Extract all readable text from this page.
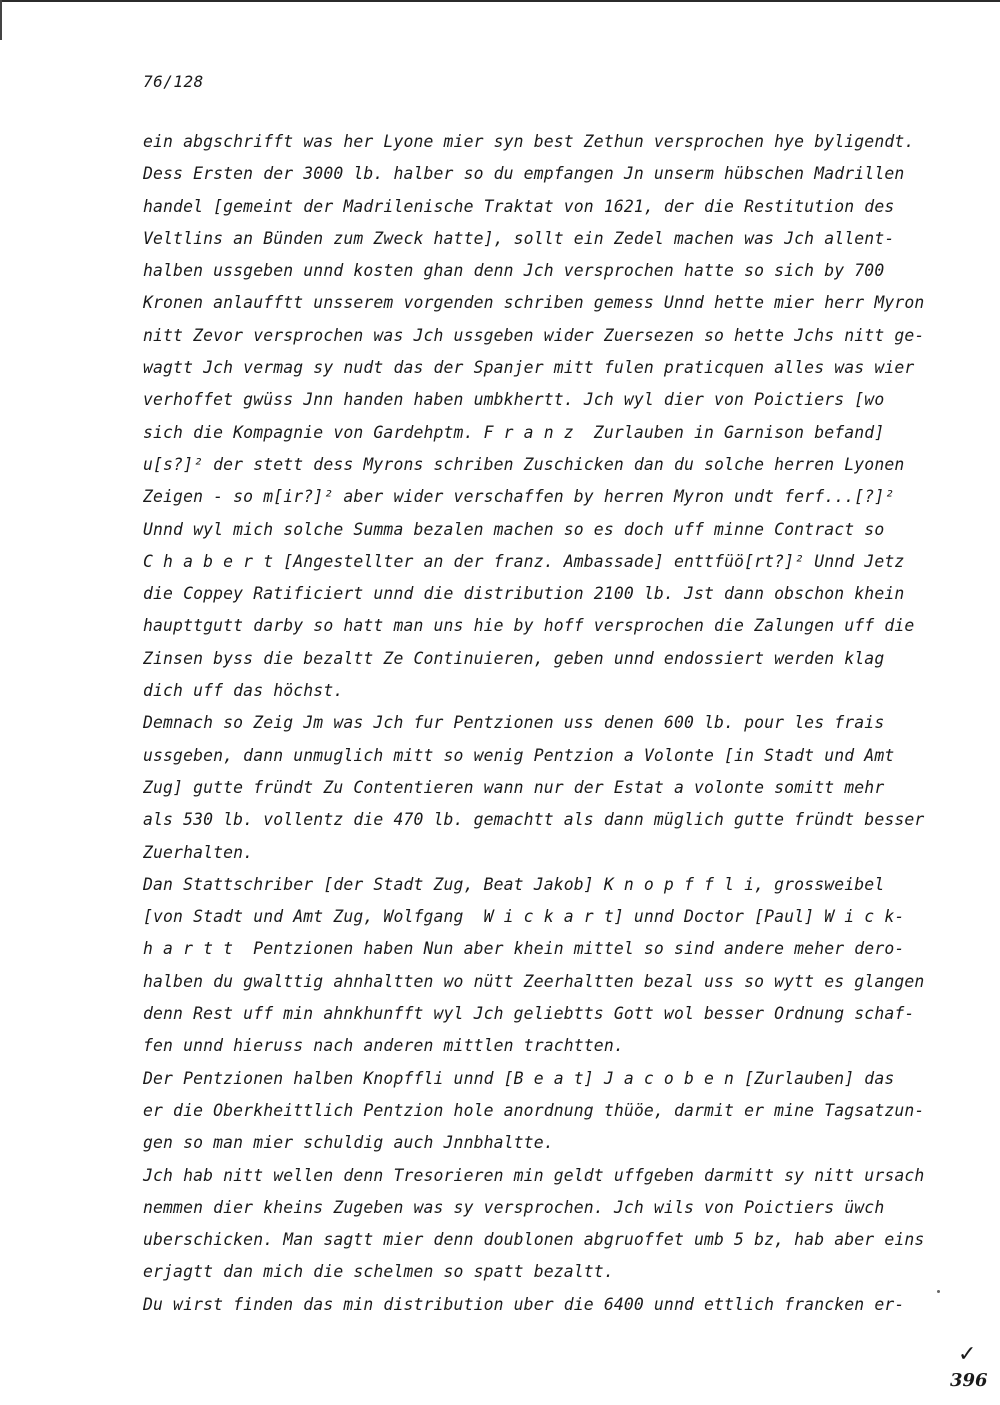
76/128
ein abgschrifft was her Lyone mier syn best Zethun versprochen hye byligendt.
Dess Ersten der 3000 lb. halber so du empfangen Jn unserm hübschen Madrillen
handel [gemeint der Madrilenische Traktat von 1621, der die Restitution des
Veltlins an Bünden zum Zweck hatte], sollt ein Zedel machen was Jch allent-
halben ussgeben unnd kosten ghan denn Jch versprochen hatte so sich by 700
Kronen anlaufftt unsserem vorgenden schriben gemess Unnd hette mier herr Myron
nitt Zevor versprochen was Jch ussgeben wider Zuersezen so hette Jchs nitt ge-
wagtt Jch vermag sy nudt das der Spanjer mitt fulen praticquen alles was wier
verhoffet gwüss Jnn handen haben umbkhertt. Jch wyl dier von Poictiers [wo
sich die Kompagnie von Gardehptm. F r a n z  Zurlauben in Garnison befand]
u[s?]² der stett dess Myrons schriben Zuschicken dan du solche herren Lyonen
Zeigen - so m[ir?]² aber wider verschaffen by herren Myron undt ferf...[?]²
Unnd wyl mich solche Summa bezalen machen so es doch uff minne Contract so
C h a b e r t [Angestellter an der franz. Ambassade] enttfüö[rt?]² Unnd Jetz
die Coppey Ratificiert unnd die distribution 2100 lb. Jst dann obschon khein
haupttgutt darby so hatt man uns hie by hoff versprochen die Zalungen uff die
Zinsen byss die bezaltt Ze Continuieren, geben unnd endossiert werden klag
dich uff das höchst.
Demnach so Zeig Jm was Jch fur Pentzionen uss denen 600 lb. pour les frais
ussgeben, dann unmuglich mitt so wenig Pentzion a Volonte [in Stadt und Amt
Zug] gutte fründt Zu Contentieren wann nur der Estat a volonte somitt mehr
als 530 lb. vollentz die 470 lb. gemachtt als dann müglich gutte fründt besser
Zuerhalten.
Dan Stattschriber [der Stadt Zug, Beat Jakob] K n o p f f l i, grossweibel
[von Stadt und Amt Zug, Wolfgang  W i c k a r t] unnd Doctor [Paul] W i c k-
h a r t t  Pentzionen haben Nun aber khein mittel so sind andere meher dero-
halben du gwalttig ahnhaltten wo nütt Zeerhaltten bezal uss so wytt es glangen
denn Rest uff min ahnkhunfft wyl Jch geliebtts Gott wol besser Ordnung schaf-
fen unnd hieruss nach anderen mittlen trachtten.
Der Pentzionen halben Knopffli unnd [B e a t] J a c o b e n [Zurlauben] das
er die Oberkheittlich Pentzion hole anordnung thüöe, darmit er mine Tagsatzun-
gen so man mier schuldig auch Jnnbhaltte.
Jch hab nitt wellen denn Tresorieren min geldt uffgeben darmitt sy nitt ursach
nemmen dier kheins Zugeben was sy versprochen. Jch wils von Poictiers üwch
uberschicken. Man sagtt mier denn doublonen abgruoffet umb 5 bz, hab aber eins
erjagtt dan mich die schelmen so spatt bezaltt.
Du wirst finden das min distribution uber die 6400 unnd ettlich francken er-
✓
396
